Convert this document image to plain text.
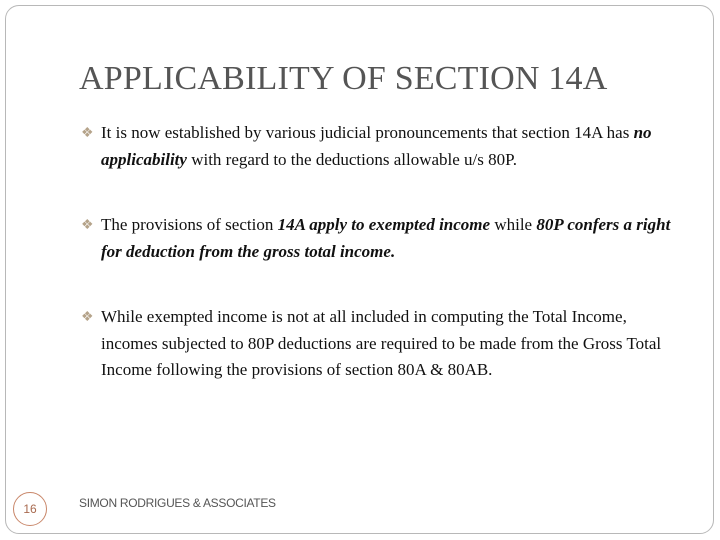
APPLICABILITY OF SECTION 14A
❖ It is now established by various judicial pronouncements that section 14A has no applicability with regard to the deductions allowable u/s 80P.
❖ The provisions of section 14A apply to exempted income while 80P confers a right for deduction from the gross total income.
❖ While exempted income is not at all included in computing the Total Income, incomes subjected to 80P deductions are required to be made from the Gross Total Income following the provisions of section 80A & 80AB.
16	SIMON RODRIGUES & ASSOCIATES
